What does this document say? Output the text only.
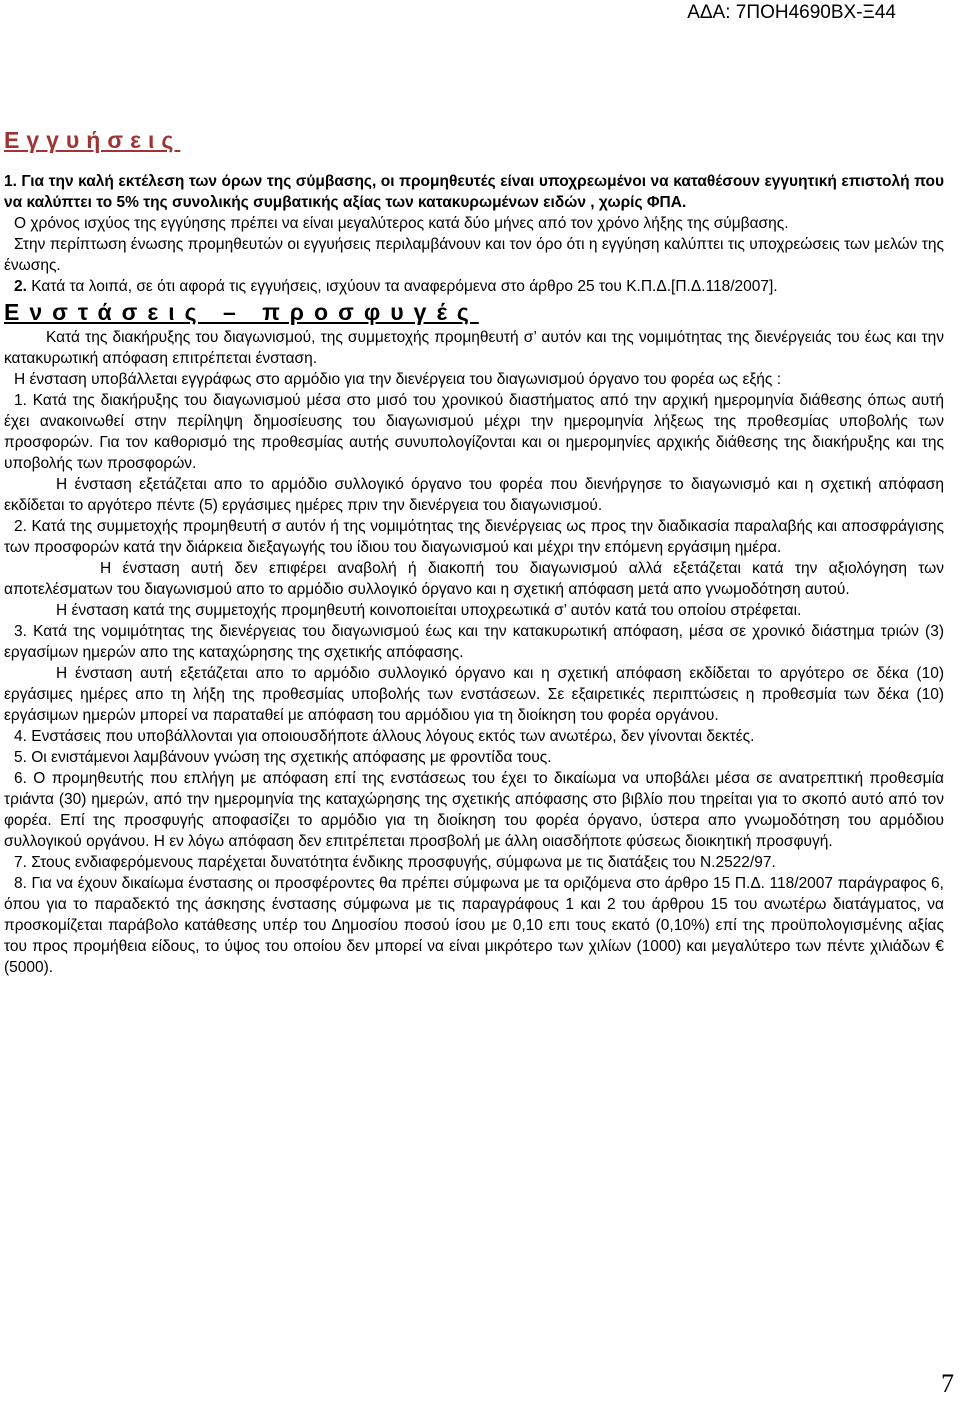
ΑΔΑ: 7ΠΟΗ4690ΒΧ-Ξ44

Εγγυήσεις

1. Για την καλή εκτέλεση των όρων της σύμβασης, οι προμηθευτές είναι υποχρεωμένοι να καταθέσουν εγγυητική επιστολή που να καλύπτει το 5% της συνολικής συμβατικής αξίας των κατακυρωμένων ειδών , χωρίς ΦΠΑ.

Ο χρόνος ισχύος της εγγύησης πρέπει να είναι μεγαλύτερος κατά δύο μήνες από τον χρόνο λήξης της σύμβασης.

Στην περίπτωση ένωσης προμηθευτών οι εγγυήσεις περιλαμβάνουν και τον όρο ότι η εγγύηση καλύπτει τις υποχρεώσεις των μελών της ένωσης.

2. Κατά τα λοιπά, σε ότι αφορά τις εγγυήσεις, ισχύουν τα αναφερόμενα στο άρθρο 25 του Κ.Π.Δ.[Π.Δ.118/2007].

Ενστάσεις – προσφυγές

Κατά της διακήρυξης του διαγωνισμού, της συμμετοχής προμηθευτή σ’ αυτόν και της νομιμότητας της διενέργειάς του έως και την κατακυρωτική απόφαση επιτρέπεται ένσταση.

Η ένσταση υποβάλλεται εγγράφως στο αρμόδιο για την διενέργεια του διαγωνισμού όργανο του φορέα ως εξής :

1. Κατά της διακήρυξης του διαγωνισμού μέσα στο μισό του χρονικού διαστήματος από την αρχική ημερομηνία διάθεσης όπως αυτή έχει ανακοινωθεί στην περίληψη δημοσίευσης του διαγωνισμού μέχρι την ημερομηνία λήξεως της προθεσμίας υποβολής των προσφορών. Για τον καθορισμό της προθεσμίας αυτής συνυπολογίζονται και οι ημερομηνίες αρχικής διάθεσης της διακήρυξης και της υποβολής των προσφορών.

Η ένσταση εξετάζεται απο το αρμόδιο συλλογικό όργανο του φορέα που διενήργησε το διαγωνισμό και η σχετική απόφαση εκδίδεται το αργότερο πέντε (5) εργάσιμες ημέρες πριν την διενέργεια του διαγωνισμού.

2. Κατά της συμμετοχής προμηθευτή σ αυτόν ή της νομιμότητας της διενέργειας ως προς την διαδικασία παραλαβής και αποσφράγισης των προσφορών κατά την διάρκεια διεξαγωγής του ίδιου του διαγωνισμού και μέχρι την επόμενη εργάσιμη ημέρα.

Η ένσταση αυτή δεν επιφέρει αναβολή ή διακοπή του διαγωνισμού αλλά εξετάζεται κατά την αξιολόγηση των αποτελέσματων του διαγωνισμού απο το αρμόδιο συλλογικό όργανο και η σχετική απόφαση μετά απο γνωμοδότηση αυτού.

Η ένσταση κατά της συμμετοχής προμηθευτή κοινοποιείται υποχρεωτικά σ’ αυτόν κατά του οποίου στρέφεται.

3. Κατά της νομιμότητας της διενέργειας του διαγωνισμού έως και την κατακυρωτική απόφαση, μέσα σε χρονικό διάστημα τριών (3) εργασίμων ημερών απο της καταχώρησης της σχετικής απόφασης.

Η ένσταση αυτή εξετάζεται απο το αρμόδιο συλλογικό όργανο και η σχετική απόφαση εκδίδεται το αργότερο σε δέκα (10) εργάσιμες ημέρες απο τη λήξη της προθεσμίας υποβολής των ενστάσεων. Σε εξαιρετικές περιπτώσεις η προθεσμία των δέκα (10) εργάσιμων ημερών μπορεί να παραταθεί με απόφαση του αρμόδιου για τη διοίκηση του φορέα οργάνου.

4. Ενστάσεις που υποβάλλονται για οποιουσδήποτε άλλους λόγους εκτός των ανωτέρω, δεν γίνονται δεκτές.

5. Οι ενιστάμενοι λαμβάνουν γνώση της σχετικής απόφασης με φροντίδα τους.

6. Ο προμηθευτής που επλήγη με απόφαση επί της ενστάσεως του έχει το δικαίωμα να υποβάλει μέσα σε ανατρεπτική προθεσμία τριάντα (30) ημερών, από την ημερομηνία της καταχώρησης της σχετικής απόφασης στο βιβλίο που τηρείται για το σκοπό αυτό από τον φορέα. Επί της προσφυγής αποφασίζει το αρμόδιο για τη διοίκηση του φορέα όργανο, ύστερα απο γνωμοδότηση του αρμόδιου συλλογικού οργάνου. Η εν λόγω απόφαση δεν επιτρέπεται προσβολή με άλλη οιασδήποτε φύσεως διοικητική προσφυγή.

7. Στους ενδιαφερόμενους παρέχεται δυνατότητα ένδικης προσφυγής, σύμφωνα με τις διατάξεις του Ν.2522/97.

8. Για να έχουν δικαίωμα ένστασης οι προσφέροντες θα πρέπει σύμφωνα με τα οριζόμενα στο άρθρο 15 Π.Δ. 118/2007 παράγραφος 6, όπου για το παραδεκτό της άσκησης ένστασης σύμφωνα με τις παραγράφους 1 και 2 του άρθρου 15 του ανωτέρω διατάγματος, να προσκομίζεται παράβολο κατάθεσης υπέρ του Δημοσίου ποσού ίσου με 0,10 επι τους εκατό (0,10%) επί της προϋπολογισμένης αξίας του προς προμήθεια είδους, το ύψος του οποίου δεν μπορεί να είναι μικρότερο των χιλίων (1000) και μεγαλύτερο των πέντε χιλιάδων € (5000).

7
